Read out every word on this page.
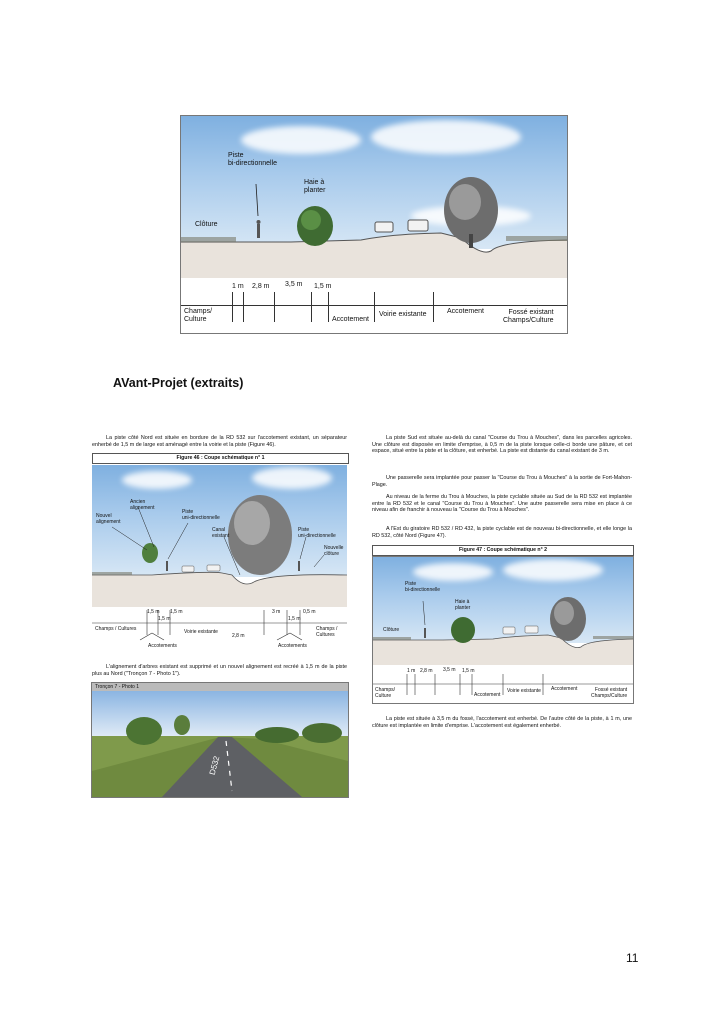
Piste
bi-directionnelle
Haie à
planter
Clôture
1 m 2,8 m 3,5 m 1,5 m
Champs/
Culture	Accotement
Voirie existante	Accotement	Fossé existant
Champs/Culture
AVant-Projet (extraits)
La piste côté Nord est située en bordure de la RD 532 sur l'accotement existant, un séparateur enherbé de 1,5 m de large est aménagé entre la voirie et la piste (Figure 46).
Figure 46 : Coupe schématique n° 1
Ancien
alignement
Nouvel
alignement
Piste
uni-directionnelle
Canal
existant
Piste
uni-directionnelle
Nouvelle
clôture
1,5 m 1,5 m
1,5 m
3 m	0,5 m
1,5 m
2,8 m
Champs / Cultures	Voirie existante	Champs /
Cultures
Accotements	Accotements
L'alignement d'arbres existant est supprimé et un nouvel alignement est recréé à 1,5 m de la piste plus au Nord ("Tronçon 7 - Photo 1").
Tronçon 7 - Photo 1
D532
La piste Sud est située au-delà du canal "Course du Trou à Mouches", dans les parcelles agricoles. Une clôture est disposée en limite d'emprise, à 0,5 m de la piste lorsque celle-ci borde une pâture, et cet espace, situé entre la piste et la clôture, est enherbé. La piste est distante du canal existant de 3 m.
Une passerelle sera implantée pour passer la "Course du Trou à Mouches" à la sortie de Fort-Mahon-Plage.
Au niveau de la ferme du Trou à Mouches, la piste cyclable située au Sud de la RD 532 est implantée entre la RD 532 et le canal "Course du Trou à Mouches". Une autre passerelle sera mise en place à ce niveau afin de franchir à nouveau la "Course du Trou à Mouches".
A l'Est du giratoire RD 532 / RD 432, la piste cyclable est de nouveau bi-directionnelle, et elle longe la RD 532, côté Nord (Figure 47).
Figure 47 : Coupe schématique n° 2
Piste
bi-directionnelle
Haie à
planter
Clôture
1 m 2,8 m 3,5 m 1,5 m
Champs/
Culture	Accotement
Voirie existante Accotement	Fossé existant
Champs/Culture
La piste est située à 3,5 m du fossé, l'accotement est enherbé. De l'autre côté de la piste, à 1 m, une clôture est implantée en limite d'emprise. L'accotement est également enherbé.
11
